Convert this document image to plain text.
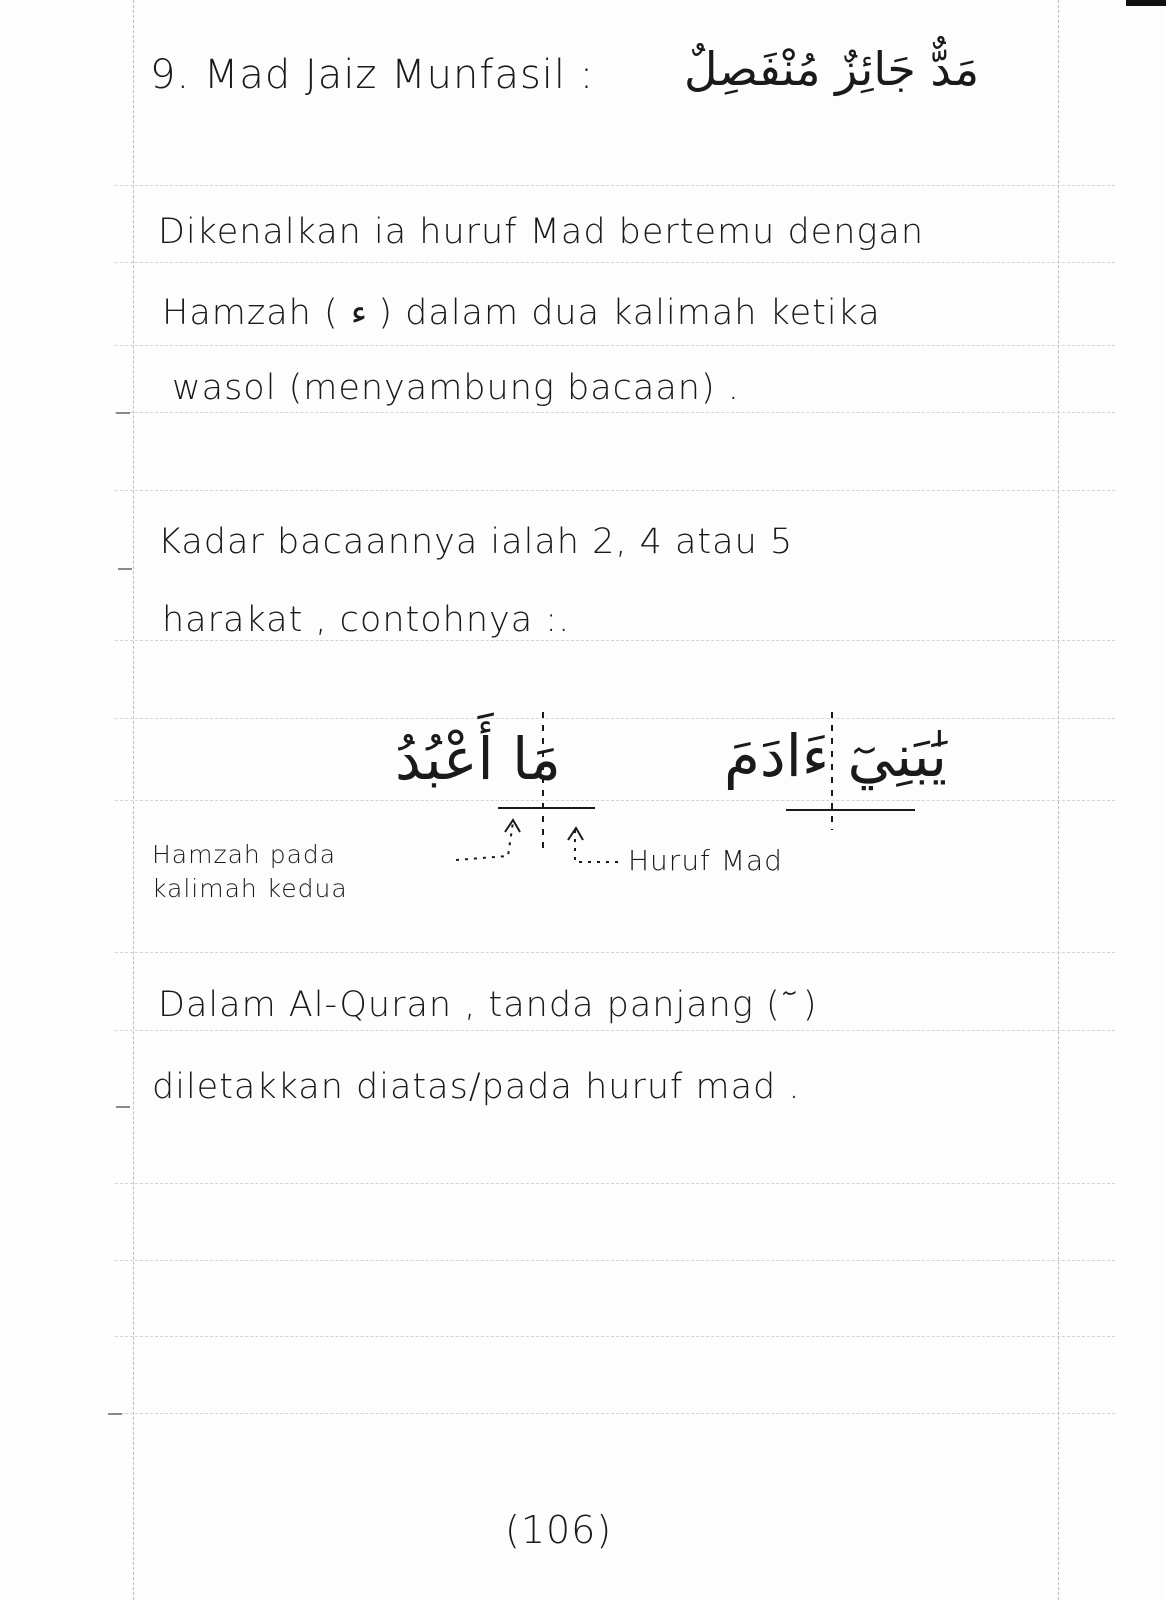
9. Mad Jaiz Munfasil : مَدٌّ جَائِزٌ مُنْفَصِلٌ
Dikenalkan ia huruf Mad bertemu dengan
Hamzah ( ء ) dalam dua kalimah ketika
wasol (menyambung bacaan) .
Kadar bacaannya ialah 2, 4 atau 5
harakat , contohnya :.
مَا أَعْبُدُ	يَٰبَنِيٓ ءَادَمَ
Hamzah pada
kalimah kedua
Huruf Mad
Dalam Al-Quran , tanda panjang ( ٓ )
diletakkan diatas/pada huruf mad .
(106)
